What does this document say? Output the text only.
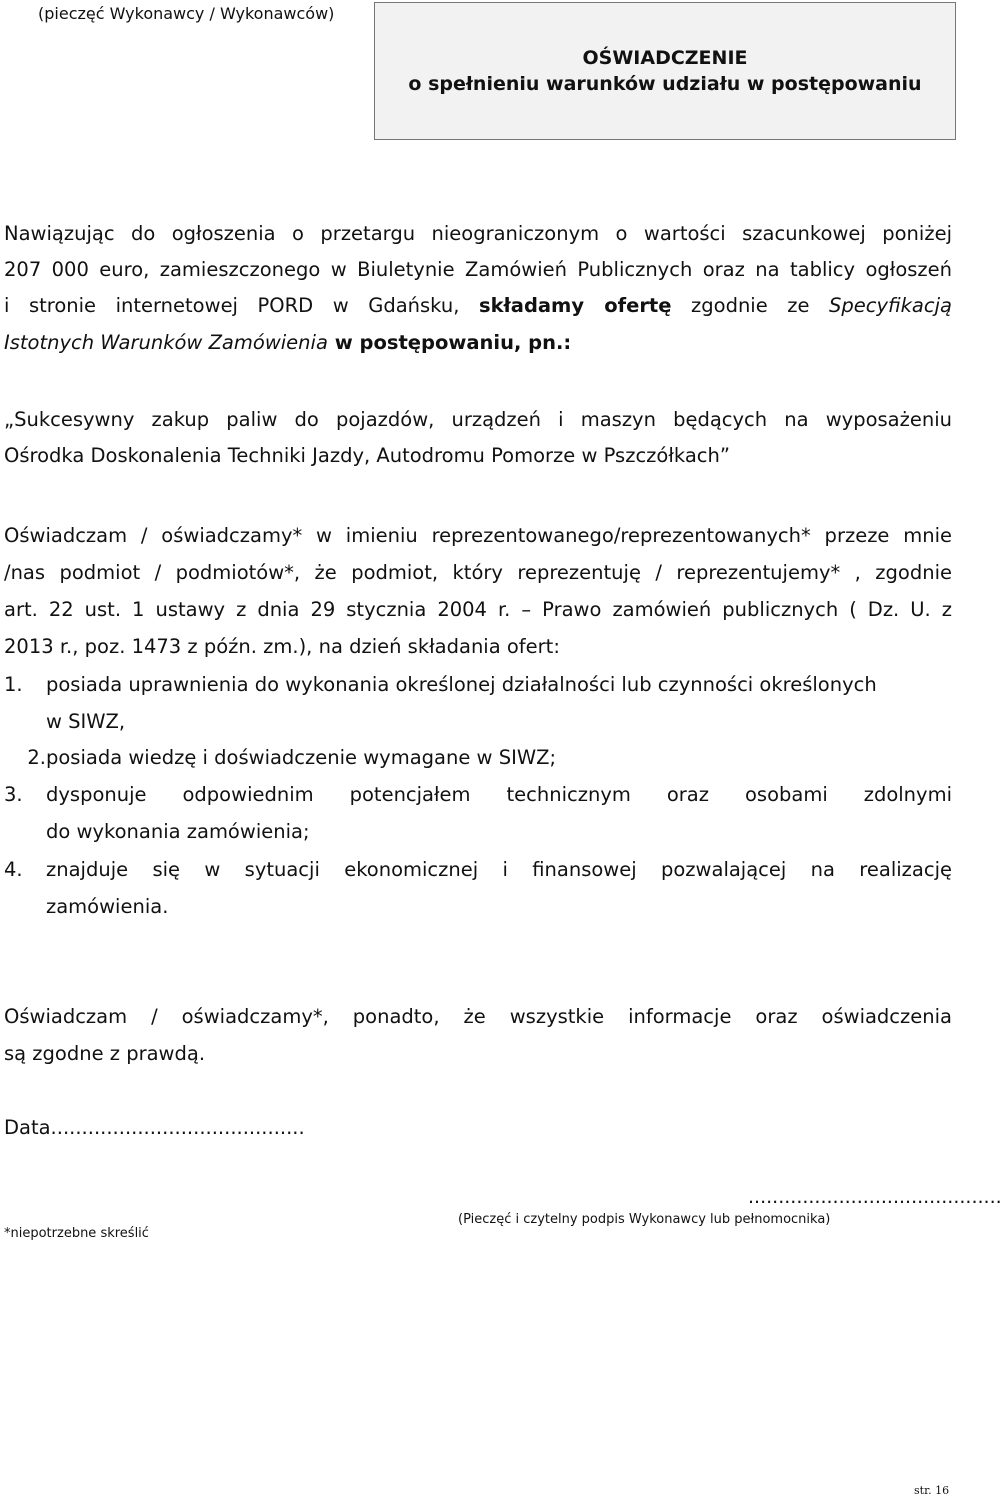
(pieczęć Wykonawcy / Wykonawców)
OŚWIADCZENIE
o spełnieniu warunków udziału w postępowaniu
Nawiązując do ogłoszenia o przetargu nieograniczonym o wartości szacunkowej poniżej
207 000 euro, zamieszczonego w Biuletynie Zamówień Publicznych oraz na tablicy ogłoszeń
i stronie internetowej PORD w Gdańsku, składamy ofertę zgodnie ze Specyfikacją
Istotnych Warunków Zamówienia w postępowaniu, pn.:
„Sukcesywny zakup paliw do pojazdów, urządzeń i maszyn będących na wyposażeniu
Ośrodka Doskonalenia Techniki Jazdy, Autodromu Pomorze w Pszczółkach”
Oświadczam / oświadczamy* w imieniu reprezentowanego/reprezentowanych* przeze mnie
/nas podmiot / podmiotów*, że podmiot, który reprezentuję / reprezentujemy* , zgodnie
art. 22 ust. 1 ustawy z dnia 29 stycznia 2004 r. – Prawo zamówień publicznych ( Dz. U. z
2013 r., poz. 1473 z późn. zm.), na dzień składania ofert:
1. posiada uprawnienia do wykonania określonej działalności lub czynności określonych
w SIWZ,
2.posiada wiedzę i doświadczenie wymagane w SIWZ;
3. dysponuje odpowiednim potencjałem technicznym oraz osobami zdolnymi
do wykonania zamówienia;
4. znajduje się w sytuacji ekonomicznej i finansowej pozwalającej na realizację
zamówienia.
Oświadczam / oświadczamy*, ponadto, że wszystkie informacje oraz oświadczenia
są zgodne z prawdą.
Data.........................................
..........................................
(Pieczęć i czytelny podpis Wykonawcy lub pełnomocnika)
*niepotrzebne skreślić
str. 16
